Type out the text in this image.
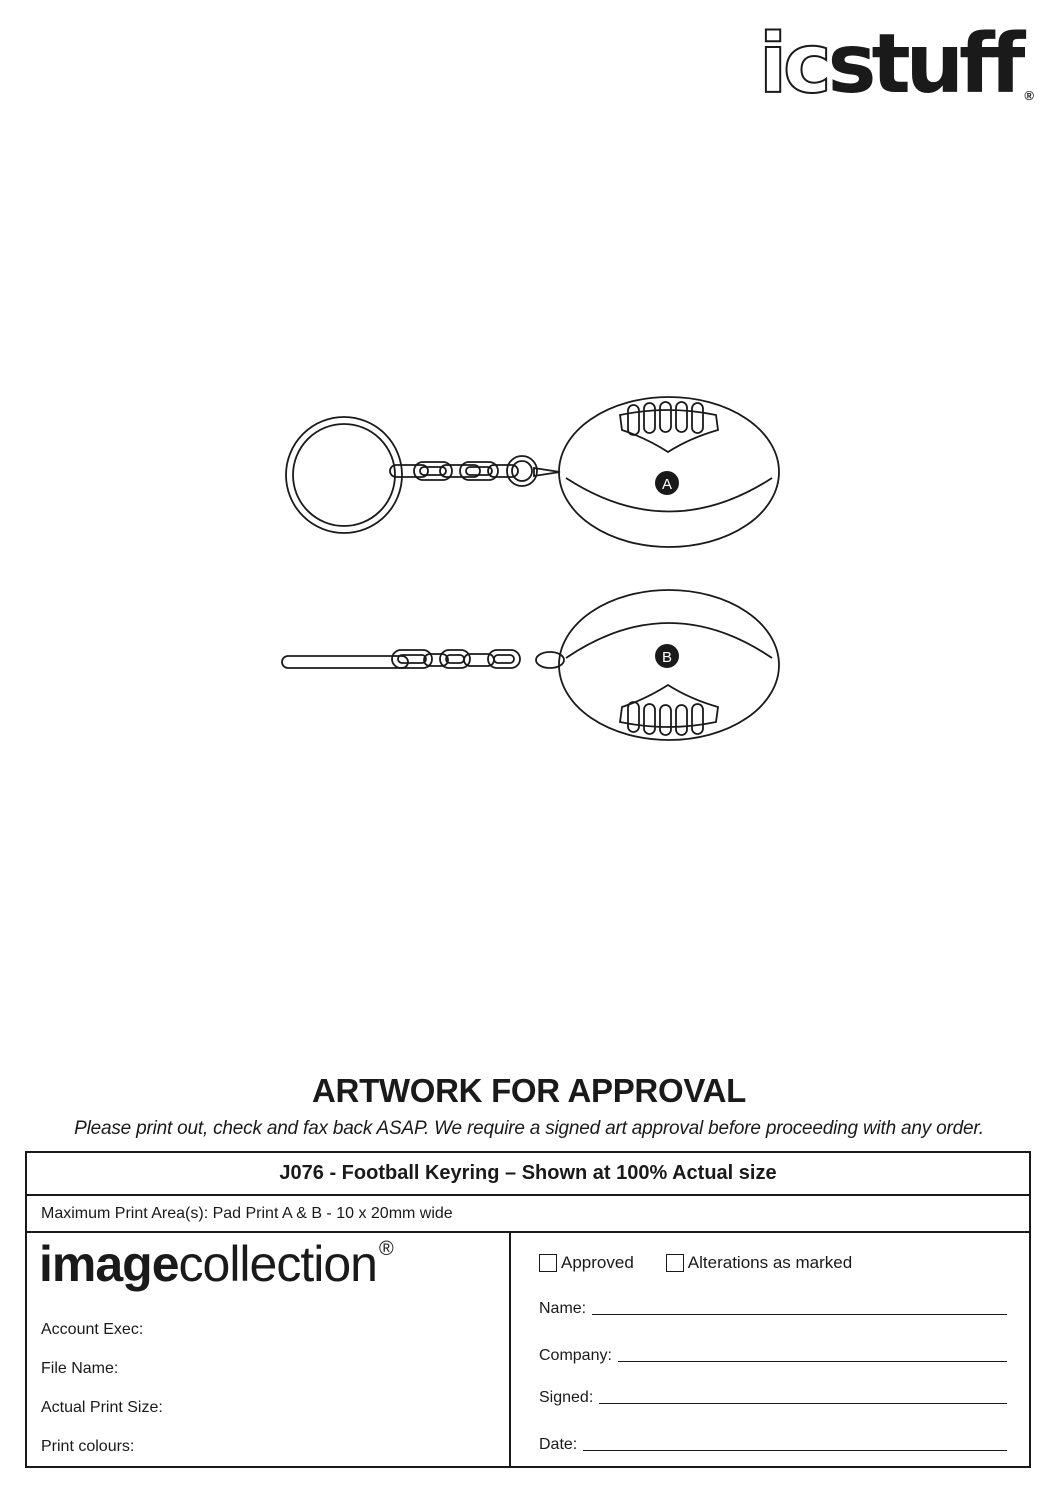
ic stuff ®
A
B
ARTWORK FOR APPROVAL
Please print out, check and fax back ASAP. We require a signed art approval before proceeding with any order.
J076 - Football Keyring – Shown at 100% Actual size
Maximum Print Area(s): Pad Print A & B - 10 x 20mm wide
imagecollection ®
Account Exec:
File Name:
Actual Print Size:
Print colours:
Approved	Alterations as marked
Name:
Company:
Signed:
Date:
